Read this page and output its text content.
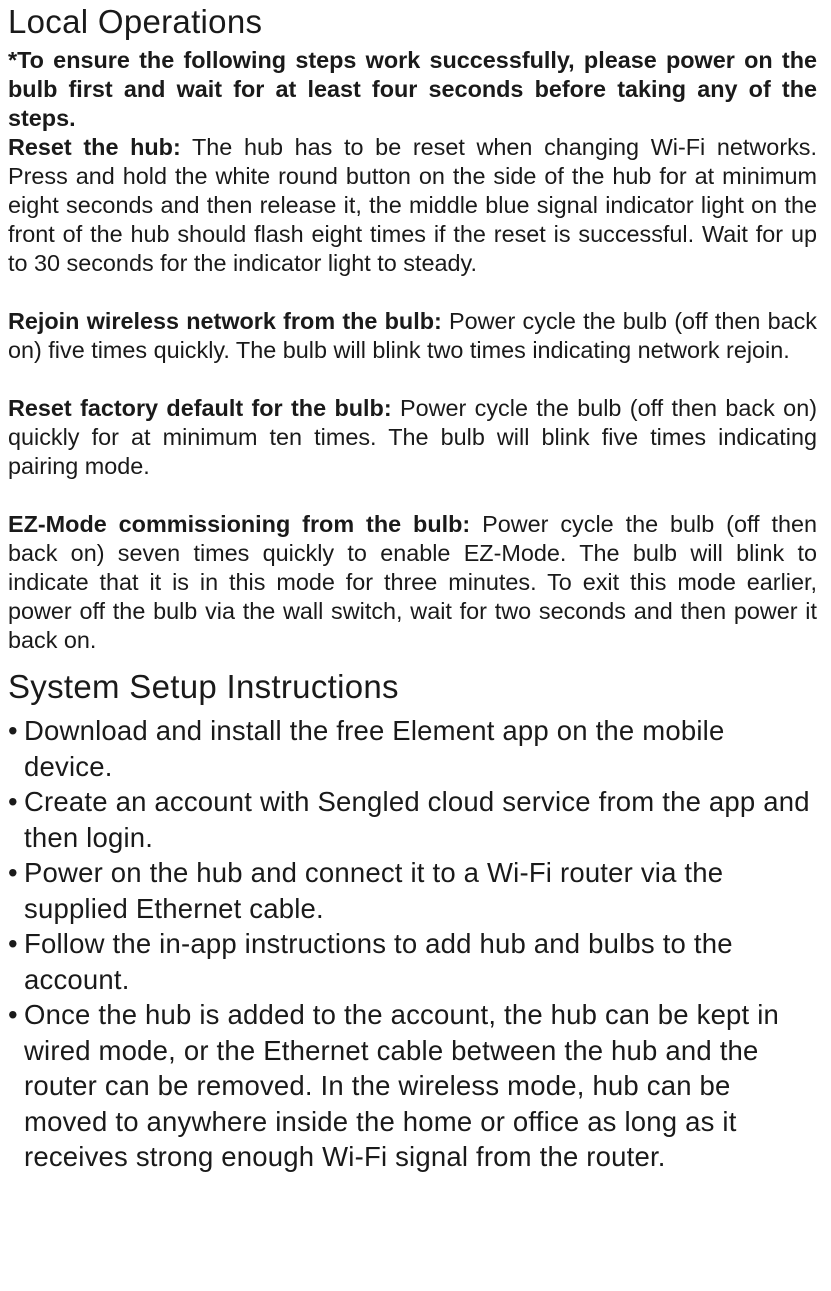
Local Operations

*To ensure the following steps work successfully, please power on the bulb first and wait for at least four seconds before taking any of the steps.

Reset the hub: The hub has to be reset when changing Wi-Fi networks. Press and hold the white round button on the side of the hub for at minimum eight seconds and then release it, the middle blue signal indicator light on the front of the hub should flash eight times if the reset is successful. Wait for up to 30 seconds for the indicator light to steady.

Rejoin wireless network from the bulb: Power cycle the bulb (off then back on) five times quickly. The bulb will blink two times indicating network rejoin.

Reset factory default for the bulb: Power cycle the bulb (off then back on) quickly for at minimum ten times. The bulb will blink five times indicating pairing mode.

EZ-Mode commissioning from the bulb: Power cycle the bulb (off then back on) seven times quickly to enable EZ-Mode. The bulb will blink to indicate that it is in this mode for three minutes. To exit this mode earlier, power off the bulb via the wall switch, wait for two seconds and then power it back on.

System Setup Instructions
• Download and install the free Element app on the mobile device.
• Create an account with Sengled cloud service from the app and then login.
• Power on the hub and connect it to a Wi-Fi router via the supplied Ethernet cable.
• Follow the in-app instructions to add hub and bulbs to the account.
• Once the hub is added to the account, the hub can be kept in wired mode, or the Ethernet cable between the hub and the router can be removed. In the wireless mode, hub can be moved to anywhere inside the home or office as long as it receives strong enough Wi-Fi signal from the router.
